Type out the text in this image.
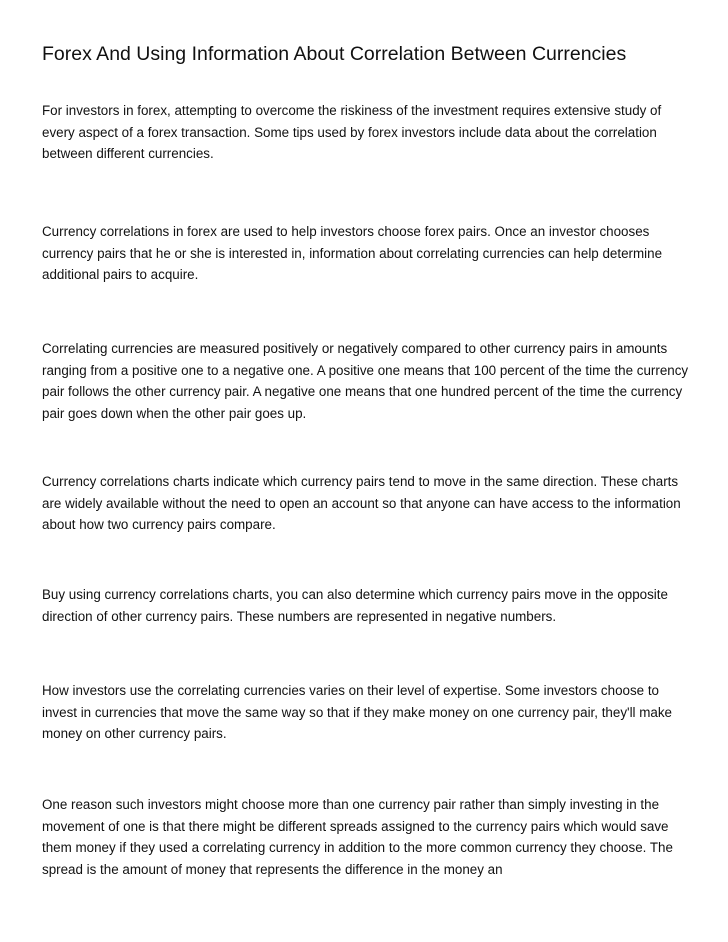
Forex And Using Information About Correlation Between Currencies

For investors in forex, attempting to overcome the riskiness of the investment requires extensive study of every aspect of a forex transaction. Some tips used by forex investors include data about the correlation between different currencies.

Currency correlations in forex are used to help investors choose forex pairs. Once an investor chooses currency pairs that he or she is interested in, information about correlating currencies can help determine additional pairs to acquire.

Correlating currencies are measured positively or negatively compared to other currency pairs in amounts ranging from a positive one to a negative one. A positive one means that 100 percent of the time the currency pair follows the other currency pair. A negative one means that one hundred percent of the time the currency pair goes down when the other pair goes up.

Currency correlations charts indicate which currency pairs tend to move in the same direction. These charts are widely available without the need to open an account so that anyone can have access to the information about how two currency pairs compare.

Buy using currency correlations charts, you can also determine which currency pairs move in the opposite direction of other currency pairs. These numbers are represented in negative numbers.

How investors use the correlating currencies varies on their level of expertise. Some investors choose to invest in currencies that move the same way so that if they make money on one currency pair, they'll make money on other currency pairs.

One reason such investors might choose more than one currency pair rather than simply investing in the movement of one is that there might be different spreads assigned to the currency pairs which would save them money if they used a correlating currency in addition to the more common currency they choose. The spread is the amount of money that represents the difference in the money an
